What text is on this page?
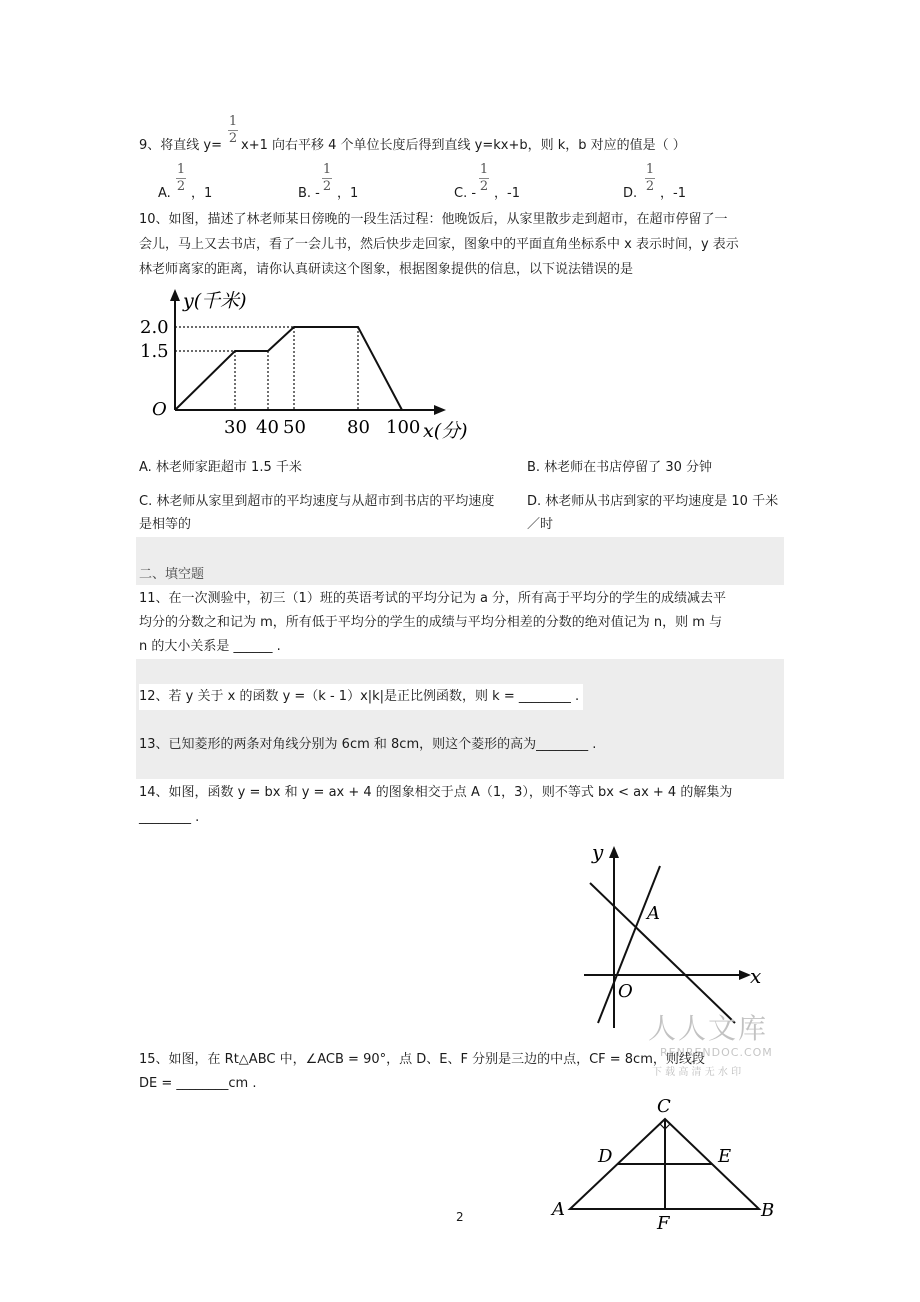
9、将直线 y=
1
2 x+1 向右平移 4 个单位长度后得到直线 y=kx+b，则 k，b 对应的值是（ ）
A.
1
2 ，1	B. -
1
2 ，1	C. -
1
2 ，-1	D.
1
2 ，-1
10、如图，描述了林老师某日傍晚的一段生活过程：他晚饭后，从家里散步走到超市，在超市停留了一
会儿，马上又去书店，看了一会儿书，然后快步走回家，图象中的平面直角坐标系中 x 表示时间，y 表示
林老师离家的距离，请你认真研读这个图象，根据图象提供的信息，以下说法错误的是
y(千米)
2.0
1.5
O
30 40 50 80 100 x(分)
A. 林老师家距超市 1.5 千米	B. 林老师在书店停留了 30 分钟
C. 林老师从家里到超市的平均速度与从超市到书店的平均速度
是相等的
D. 林老师从书店到家的平均速度是 10 千米
／时
二、填空题
11、在一次测验中，初三（1）班的英语考试的平均分记为 a 分，所有高于平均分的学生的成绩减去平
均分的分数之和记为 m，所有低于平均分的学生的成绩与平均分相差的分数的绝对值记为 n，则 m 与
n 的大小关系是 ______ .
12、若 y 关于 x 的函数 y =（k - 1）x|k|是正比例函数，则 k = ________ .
13、已知菱形的两条对角线分别为 6cm 和 8cm，则这个菱形的高为________ .
14、如图，函数 y = bx 和 y = ax + 4 的图象相交于点 A（1，3），则不等式 bx < ax + 4 的解集为
________ .
y
x
O
A
人人文库
RENRENDOC.COM
下 载 高 清 无 水 印
15、如图，在 Rt△ABC 中，∠ACB = 90°，点 D、E、F 分别是三边的中点，CF = 8cm，则线段
DE = ________cm .
C
D	E
A	B
F
2
